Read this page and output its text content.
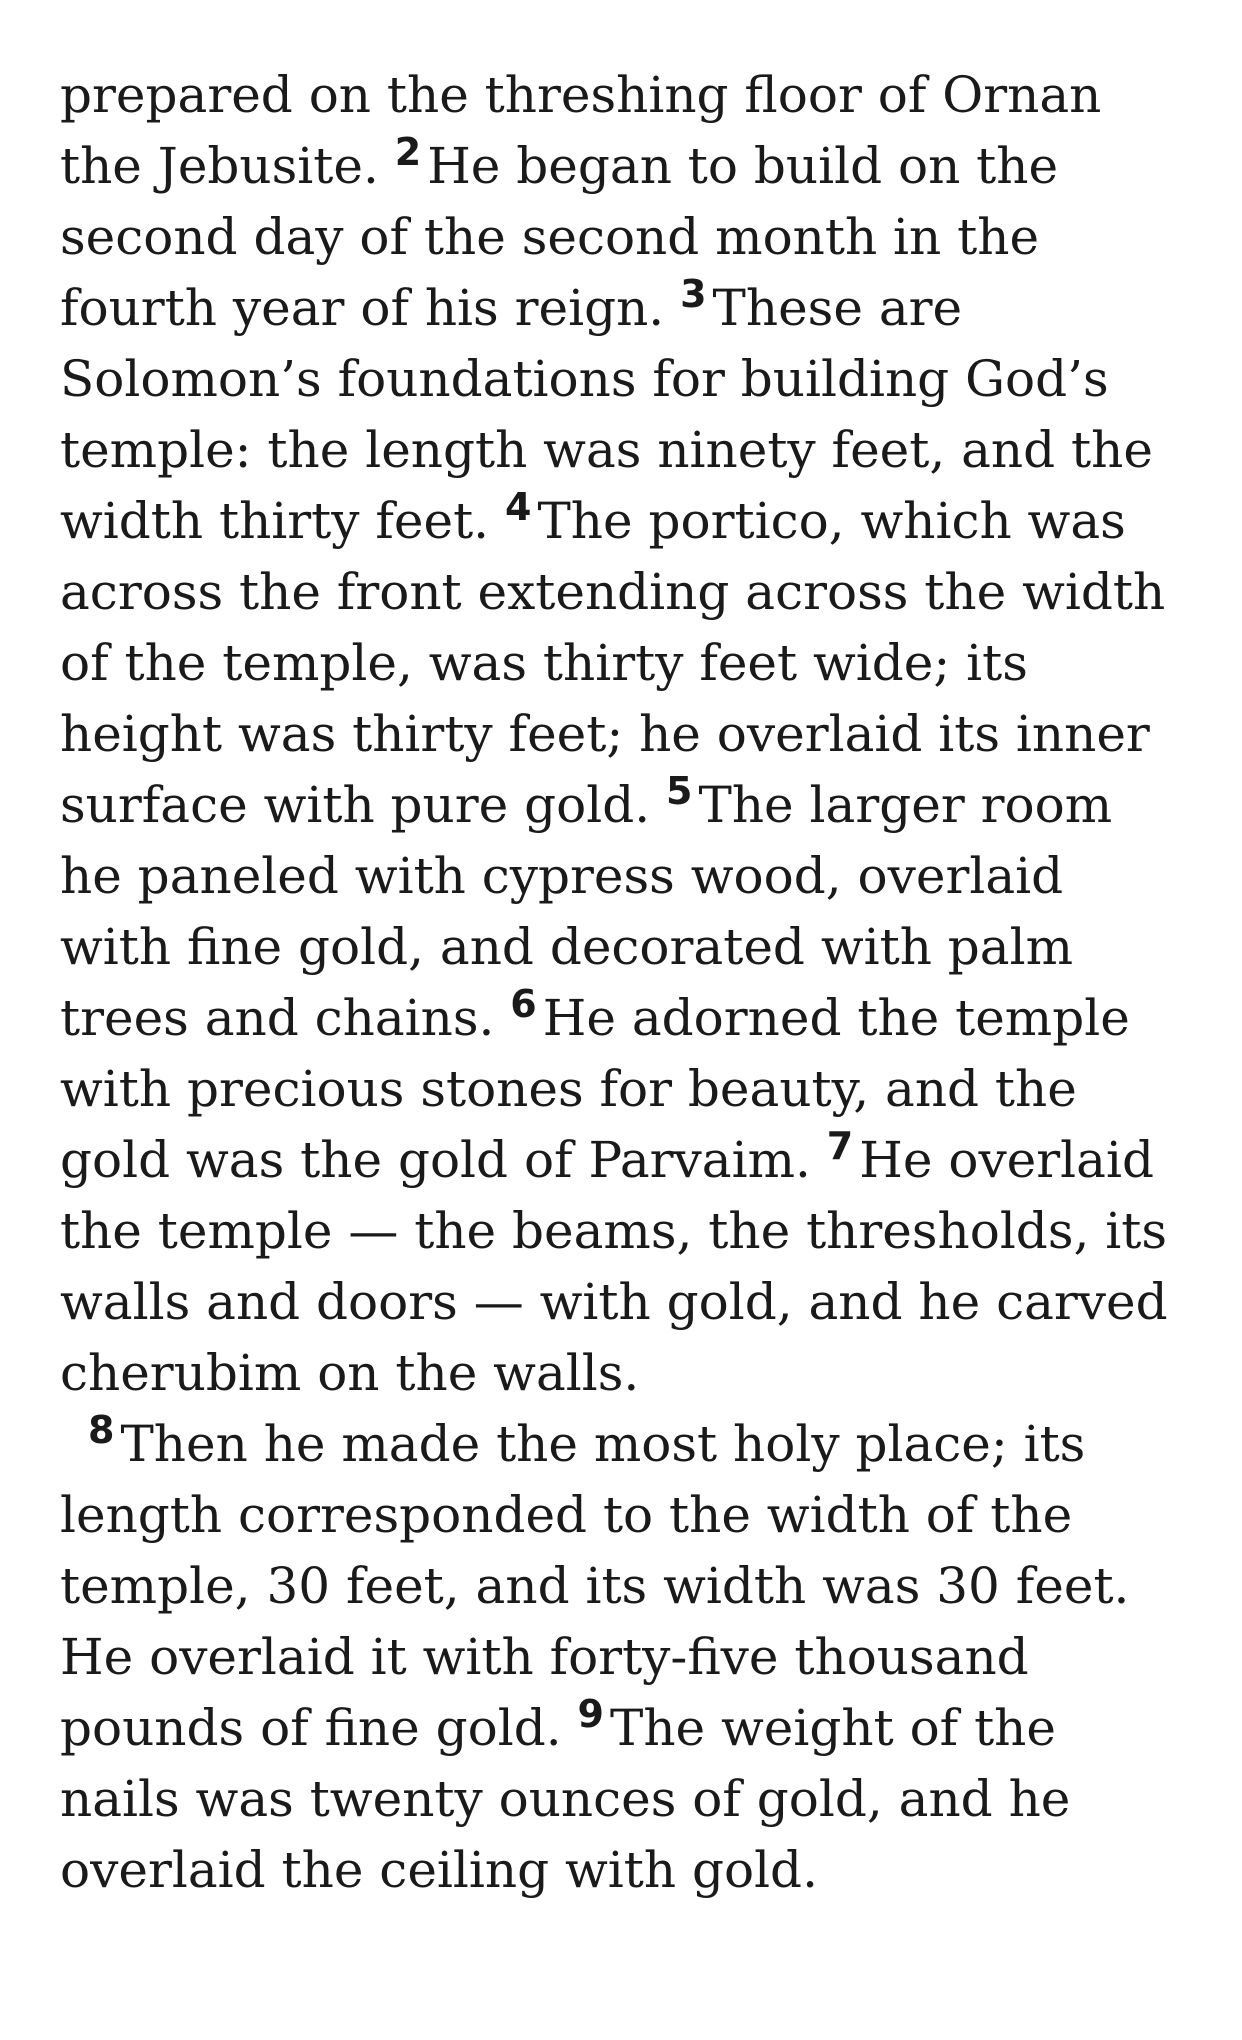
prepared on the threshing floor of Ornan the Jebusite. $^2$ He began to build on the second day of the second month in the fourth year of his reign. $^3$ These are Solomon’s foundations for building God’s temple: the length was ninety feet, and the width thirty feet. $^4$ The portico, which was across the front extending across the width of the temple, was thirty feet wide; its height was thirty feet; he overlaid its inner surface with pure gold. $^5$ The larger room he paneled with cypress wood, overlaid with fine gold, and decorated with palm trees and chains. $^6$ He adorned the temple with precious stones for beauty, and the gold was the gold of Parvaim. $^7$ He overlaid the temple — the beams, the thresholds, its walls and doors — with gold, and he carved cherubim on the walls.

$^8$ Then he made the most holy place; its length corresponded to the width of the temple, 30 feet, and its width was 30 feet. He overlaid it with forty-five thousand pounds of fine gold. $^9$ The weight of the nails was twenty ounces of gold, and he overlaid the ceiling with gold.
